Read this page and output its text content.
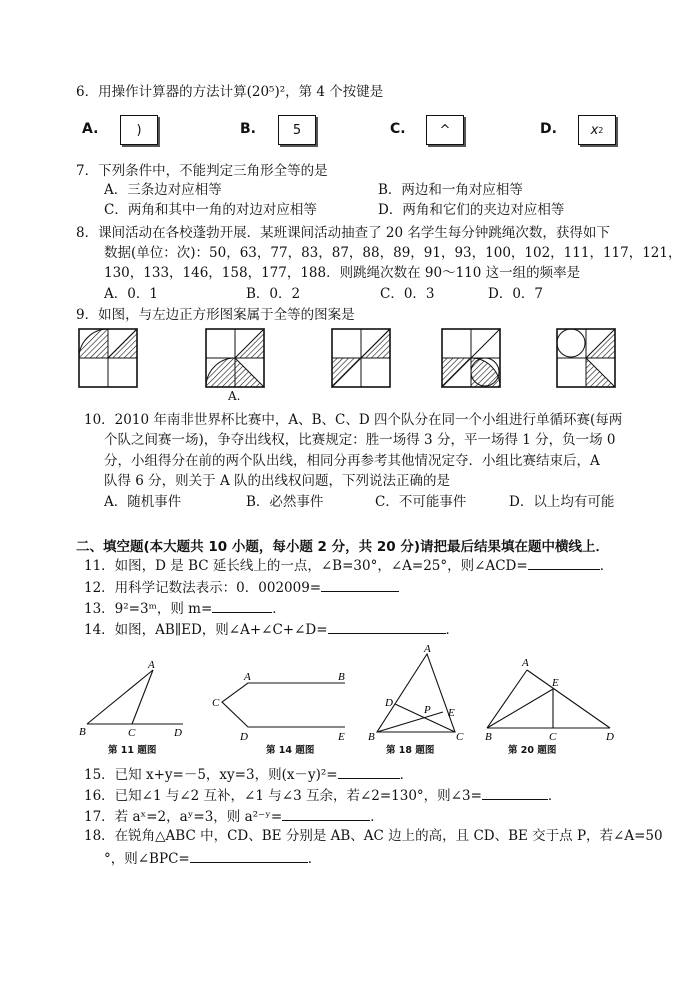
6．用操作计算器的方法计算(20⁵)²，第 4 个按键是
A.	)	B.	5	C.	^	D.	x 2
7．下列条件中，不能判定三角形全等的是
A．三条边对应相等	B．两边和一角对应相等
C．两角和其中一角的对边对应相等	D．两角和它们的夹边对应相等
8．课间活动在各校蓬勃开展．某班课间活动抽查了 20 名学生每分钟跳绳次数，获得如下
数据(单位：次)：50，63，77，83，87，88，89，91，93，100，102，111，117，121，
130，133，146，158，177，188．则跳绳次数在 90～110 这一组的频率是
A．0．1	B．0．2	C．0．3	D．0．7
9．如图，与左边正方形图案属于全等的图案是
A.
10．2010 年南非世界杯比赛中，A、B、C、D 四个队分在同一个小组进行单循环赛(每两
个队之间赛一场)，争夺出线权，比赛规定：胜一场得 3 分，平一场得 1 分，负一场 0
分，小组得分在前的两个队出线，相同分再参考其他情况定夺．小组比赛结束后，A
队得 6 分，则关于 A 队的出线权问题，下列说法正确的是
A．随机事件	B．必然事件	C．不可能事件	D．以上均有可能
二、填空题(本大题共 10 小题，每小题 2 分，共 20 分)请把最后结果填在题中横线上．
11．如图，D 是 BC 延长线上的一点，∠B=30°，∠A=25°，则∠ACD=	．
12．用科学记数法表示：0．002009=
13．9²=3ᵐ，则 m=	．
14．如图，AB∥ED，则∠A+∠C+∠D=	．
A
B	C	D
A	B
C
D	E
A
B	C
D
E
P
A
B	C	D
E
第 11 题图	第 14 题图	第 18 题图	第 20 题图
15．已知 x+y=－5，xy=3，则(x－y)²=	．
16．已知∠1 与∠2 互补，∠1 与∠3 互余，若∠2=130°，则∠3=	．
17．若 aˣ=2，aʸ=3，则 a²⁻ʸ=	．
18．在锐角△ABC 中，CD、BE 分别是 AB、AC 边上的高，且 CD、BE 交于点 P，若∠A=50
°，则∠BPC=	．
